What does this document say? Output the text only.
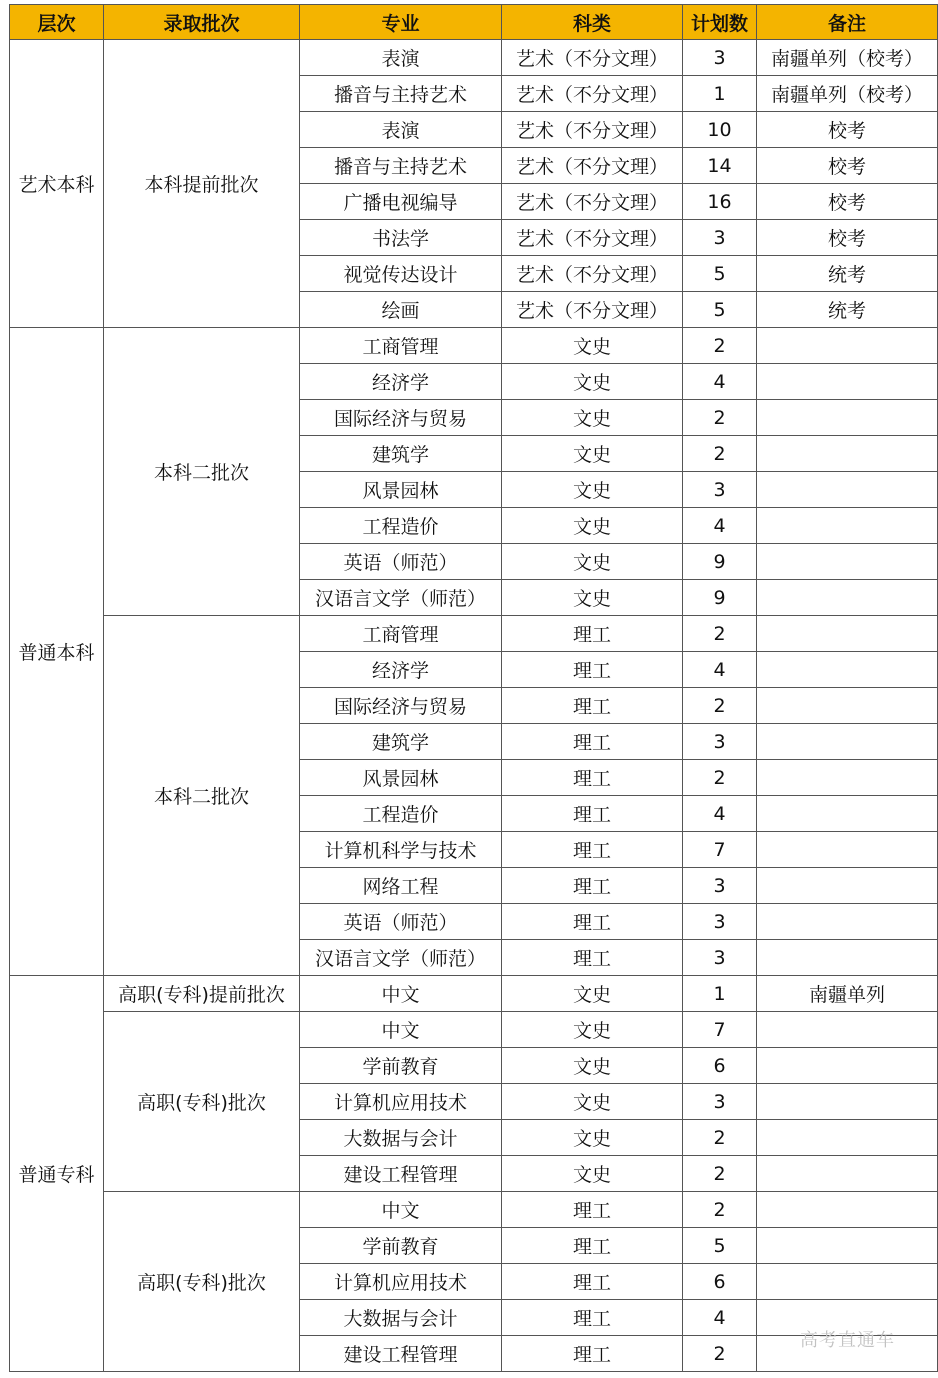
层次	录取批次	专业	科类	计划数	备注
艺术本科	本科提前批次	表演	艺术（不分文理）	3	南疆单列（校考）
		播音与主持艺术	艺术（不分文理）	1	南疆单列（校考）
		表演	艺术（不分文理）	10	校考
		播音与主持艺术	艺术（不分文理）	14	校考
		广播电视编导	艺术（不分文理）	16	校考
		书法学	艺术（不分文理）	3	校考
		视觉传达设计	艺术（不分文理）	5	统考
		绘画	艺术（不分文理）	5	统考
普通本科	本科二批次	工商管理	文史	2	
		经济学	文史	4	
		国际经济与贸易	文史	2	
		建筑学	文史	2	
		风景园林	文史	3	
		工程造价	文史	4	
		英语（师范）	文史	9	
		汉语言文学（师范）	文史	9	
	本科二批次	工商管理	理工	2	
		经济学	理工	4	
		国际经济与贸易	理工	2	
		建筑学	理工	3	
		风景园林	理工	2	
		工程造价	理工	4	
		计算机科学与技术	理工	7	
		网络工程	理工	3	
		英语（师范）	理工	3	
		汉语言文学（师范）	理工	3	
普通专科	高职(专科)提前批次	中文	文史	1	南疆单列
	高职(专科)批次	中文	文史	7	
		学前教育	文史	6	
		计算机应用技术	文史	3	
		大数据与会计	文史	2	
		建设工程管理	文史	2	
	高职(专科)批次	中文	理工	2	
		学前教育	理工	5	
		计算机应用技术	理工	6	
		大数据与会计	理工	4	
		建设工程管理	理工	2	
高考直通车
